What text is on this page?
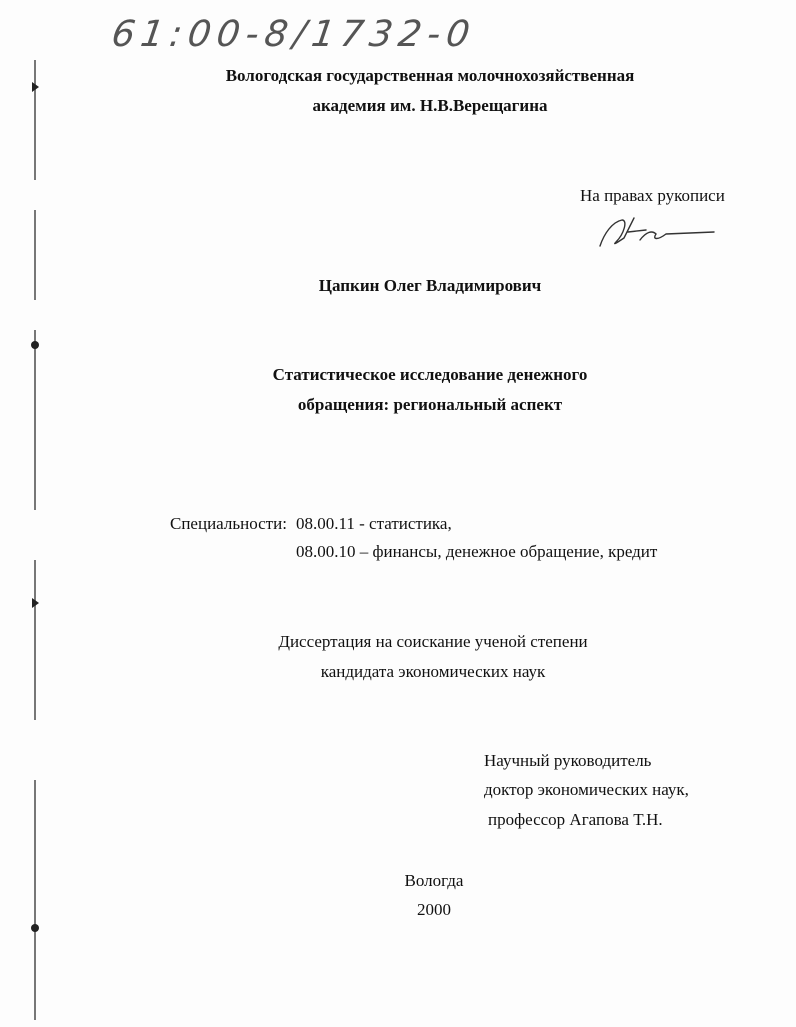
61:00-8/1732-0
Вологодская государственная молочнохозяйственная
академия им. Н.В.Верещагина
На правах рукописи
Цапкин Олег Владимирович
Статистическое исследование денежного
обращения: региональный аспект
Специальности: 08.00.11 - статистика,
08.00.10 – финансы, денежное обращение, кредит
Диссертация на соискание ученой степени
кандидата экономических наук
Научный руководитель
доктор экономических наук,
профессор Агапова Т.Н.
Вологда
2000
